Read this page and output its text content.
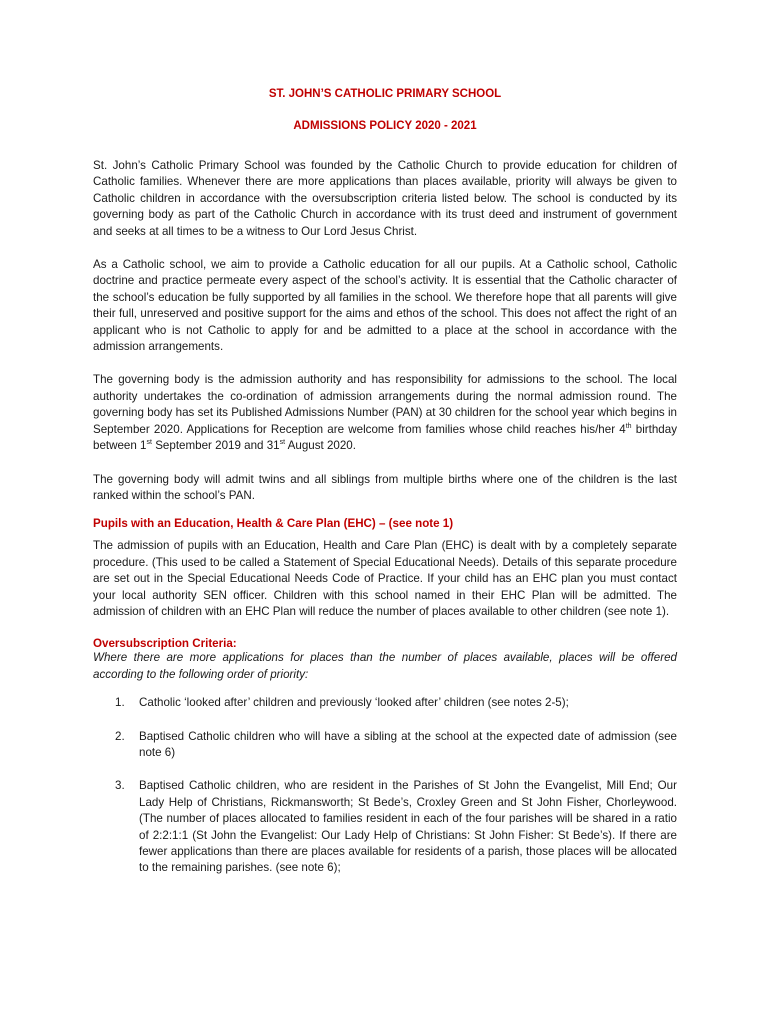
ST. JOHN’S CATHOLIC PRIMARY SCHOOL
ADMISSIONS POLICY 2020 - 2021

St. John’s Catholic Primary School was founded by the Catholic Church to provide education for children of Catholic families. Whenever there are more applications than places available, priority will always be given to Catholic children in accordance with the oversubscription criteria listed below. The school is conducted by its governing body as part of the Catholic Church in accordance with its trust deed and instrument of government and seeks at all times to be a witness to Our Lord Jesus Christ.

As a Catholic school, we aim to provide a Catholic education for all our pupils. At a Catholic school, Catholic doctrine and practice permeate every aspect of the school’s activity. It is essential that the Catholic character of the school’s education be fully supported by all families in the school. We therefore hope that all parents will give their full, unreserved and positive support for the aims and ethos of the school. This does not affect the right of an applicant who is not Catholic to apply for and be admitted to a place at the school in accordance with the admission arrangements.

The governing body is the admission authority and has responsibility for admissions to the school. The local authority undertakes the co-ordination of admission arrangements during the normal admission round. The governing body has set its Published Admissions Number (PAN) at 30 children for the school year which begins in September 2020. Applications for Reception are welcome from families whose child reaches his/her 4th birthday between 1st September 2019 and 31st August 2020.

The governing body will admit twins and all siblings from multiple births where one of the children is the last ranked within the school’s PAN.

Pupils with an Education, Health & Care Plan (EHC) – (see note 1)

The admission of pupils with an Education, Health and Care Plan (EHC) is dealt with by a completely separate procedure. (This used to be called a Statement of Special Educational Needs). Details of this separate procedure are set out in the Special Educational Needs Code of Practice. If your child has an EHC plan you must contact your local authority SEN officer. Children with this school named in their EHC Plan will be admitted. The admission of children with an EHC Plan will reduce the number of places available to other children (see note 1).

Oversubscription Criteria:

Where there are more applications for places than the number of places available, places will be offered according to the following order of priority:

1.	Catholic ‘looked after’ children and previously ‘looked after’ children (see notes 2-5);
2.	Baptised Catholic children who will have a sibling at the school at the expected date of admission (see note 6)
3.	Baptised Catholic children, who are resident in the Parishes of St John the Evangelist, Mill End; Our Lady Help of Christians, Rickmansworth; St Bede’s, Croxley Green and St John Fisher, Chorleywood. (The number of places allocated to families resident in each of the four parishes will be shared in a ratio of 2:2:1:1 (St John the Evangelist: Our Lady Help of Christians: St John Fisher: St Bede’s). If there are fewer applications than there are places available for residents of a parish, those places will be allocated to the remaining parishes. (see note 6);
